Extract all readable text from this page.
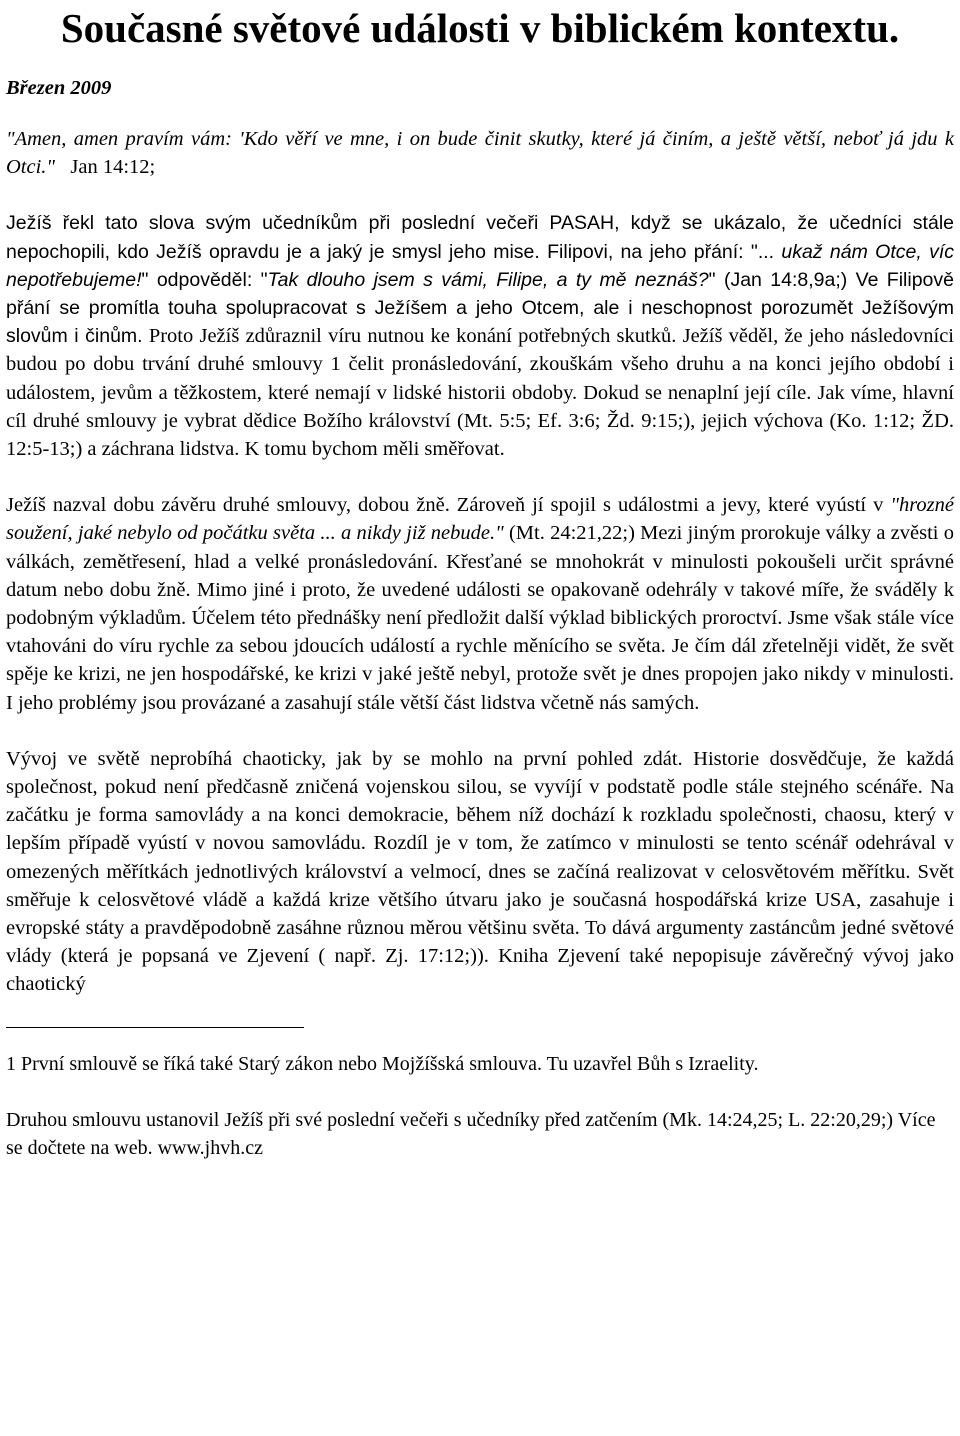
Současné světové události v biblickém kontextu.
Březen 2009

"Amen, amen pravím vám: 'Kdo věří ve mne, i on bude činit skutky, které já činím, a ještě větší, neboť já jdu k Otci." Jan 14:12;

Ježíš řekl tato slova svým učedníkům při poslední večeři PASAH, když se ukázalo, že učedníci stále nepochopili, kdo Ježíš opravdu je a jaký je smysl jeho mise. Filipovi, na jeho přání: "... ukaž nám Otce, víc nepotřebujeme!" odpověděl: "Tak dlouho jsem s vámi, Filipe, a ty mě neznáš?" (Jan 14:8,9a;) Ve Filipově přání se promítla touha spolupracovat s Ježíšem a jeho Otcem, ale i neschopnost porozumět Ježíšovým slovům i činům. Proto Ježíš zdůraznil víru nutnou ke konání potřebných skutků. Ježíš věděl, že jeho následovníci budou po dobu trvání druhé smlouvy 1 čelit pronásledování, zkouškám všeho druhu a na konci jejího období i událostem, jevům a těžkostem, které nemají v lidské historii obdoby. Dokud se nenaplní její cíle. Jak víme, hlavní cíl druhé smlouvy je vybrat dědice Božího království (Mt. 5:5; Ef. 3:6; Žd. 9:15;), jejich výchova (Ko. 1:12; ŽD. 12:5-13;) a záchrana lidstva. K tomu bychom měli směřovat.

Ježíš nazval dobu závěru druhé smlouvy, dobou žně. Zároveň jí spojil s událostmi a jevy, které vyústí v "hrozné soužení, jaké nebylo od počátku světa ... a nikdy již nebude." (Mt. 24:21,22;) Mezi jiným prorokuje války a zvěsti o válkách, zemětřesení, hlad a velké pronásledování. Křesťané se mnohokrát v minulosti pokoušeli určit správné datum nebo dobu žně. Mimo jiné i proto, že uvedené události se opakovaně odehrály v takové míře, že sváděly k podobným výkladům. Účelem této přednášky není předložit další výklad biblických proroctví. Jsme však stále více vtahováni do víru rychle za sebou jdoucích událostí a rychle měnícího se světa. Je čím dál zřetelněji vidět, že svět spěje ke krizi, ne jen hospodářské, ke krizi v jaké ještě nebyl, protože svět je dnes propojen jako nikdy v minulosti. I jeho problémy jsou provázané a zasahují stále větší část lidstva včetně nás samých.

Vývoj ve světě neprobíhá chaoticky, jak by se mohlo na první pohled zdát. Historie dosvědčuje, že každá společnost, pokud není předčasně zničená vojenskou silou, se vyvíjí v podstatě podle stále stejného scénáře. Na začátku je forma samovlády a na konci demokracie, během níž dochází k rozkladu společnosti, chaosu, který v lepším případě vyústí v novou samovládu. Rozdíl je v tom, že zatímco v minulosti se tento scénář odehrával v omezených měřítkách jednotlivých království a velmocí, dnes se začíná realizovat v celosvětovém měřítku. Svět směřuje k celosvětové vládě a každá krize většího útvaru jako je současná hospodářská krize USA, zasahuje i evropské státy a pravděpodobně zasáhne různou měrou většinu světa. To dává argumenty zastáncům jedné světové vlády (která je popsaná ve Zjevení ( např. Zj. 17:12;)). Kniha Zjevení také nepopisuje závěrečný vývoj jako chaotický

1 První smlouvě se říká také Starý zákon nebo Mojžíšská smlouva. Tu uzavřel Bůh s Izraelity.

Druhou smlouvu ustanovil Ježíš při své poslední večeři s učedníky před zatčením (Mk. 14:24,25; L. 22:20,29;) Více se dočtete na web. www.jhvh.cz
